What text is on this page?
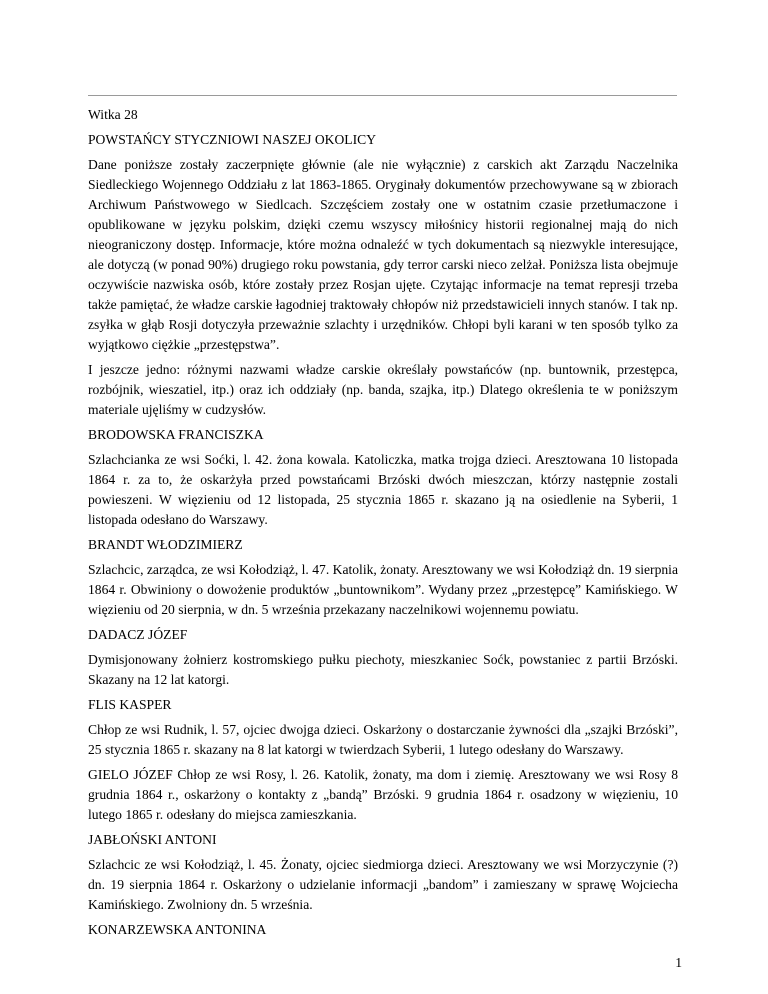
Witka 28
POWSTAŃCY STYCZNIOWI NASZEJ OKOLICY
Dane poniższe zostały zaczerpnięte głównie (ale nie wyłącznie) z carskich akt Zarządu Naczelnika Siedleckiego Wojennego Oddziału z lat 1863-1865. Oryginały dokumentów przechowywane są w zbiorach Archiwum Państwowego w Siedlcach. Szczęściem zostały one w ostatnim czasie przetłumaczone i opublikowane w języku polskim, dzięki czemu wszyscy miłośnicy historii regionalnej mają do nich nieograniczony dostęp. Informacje, które można odnaleźć w tych dokumentach są niezwykle interesujące, ale dotyczą (w ponad 90%) drugiego roku powstania, gdy terror carski nieco zelżał. Poniższa lista obejmuje oczywiście nazwiska osób, które zostały przez Rosjan ujęte. Czytając informacje na temat represji trzeba także pamiętać, że władze carskie łagodniej traktowały chłopów niż przedstawicieli innych stanów. I tak np. zsyłka w głąb Rosji dotyczyła przeważnie szlachty i urzędników. Chłopi byli karani w ten sposób tylko za wyjątkowo ciężkie „przestępstwa”.
I jeszcze jedno: różnymi nazwami władze carskie określały powstańców (np. buntownik, przestępca, rozbójnik, wieszatiel, itp.) oraz ich oddziały (np. banda, szajka, itp.) Dlatego określenia te w poniższym materiale ujęliśmy w cudzysłów.
BRODOWSKA FRANCISZKA
Szlachcianka ze wsi Soćki, l. 42. żona kowala. Katoliczka, matka trojga dzieci. Aresztowana 10 listopada 1864 r. za to, że oskarżyła przed powstańcami Brzóski dwóch mieszczan, którzy następnie zostali powieszeni. W więzieniu od 12 listopada, 25 stycznia 1865 r. skazano ją na osiedlenie na Syberii, 1 listopada odesłano do Warszawy.
BRANDT WŁODZIMIERZ
Szlachcic, zarządca, ze wsi Kołodziąż, l. 47. Katolik, żonaty. Aresztowany we wsi Kołodziąż dn. 19 sierpnia 1864 r. Obwiniony o dowożenie produktów „buntownikom”. Wydany przez „przestępcę” Kamińskiego. W więzieniu od 20 sierpnia, w dn. 5 września przekazany naczelnikowi wojennemu powiatu.
DADACZ JÓZEF
Dymisjonowany żołnierz kostromskiego pułku piechoty, mieszkaniec Soćk, powstaniec z partii Brzóski. Skazany na 12 lat katorgi.
FLIS KASPER
Chłop ze wsi Rudnik, l. 57, ojciec dwojga dzieci. Oskarżony o dostarczanie żywności dla „szajki Brzóski”, 25 stycznia 1865 r. skazany na 8 lat katorgi w twierdzach Syberii, 1 lutego odesłany do Warszawy.
GIELO JÓZEF Chłop ze wsi Rosy, l. 26. Katolik, żonaty, ma dom i ziemię. Aresztowany we wsi Rosy 8 grudnia 1864 r., oskarżony o kontakty z „bandą” Brzóski. 9 grudnia 1864 r. osadzony w więzieniu, 10 lutego 1865 r. odesłany do miejsca zamieszkania.
JABŁOŃSKI ANTONI
Szlachcic ze wsi Kołodziąż, l. 45. Żonaty, ojciec siedmiorga dzieci. Aresztowany we wsi Morzyczynie (?) dn. 19 sierpnia 1864 r. Oskarżony o udzielanie informacji „bandom” i zamieszany w sprawę Wojciecha Kamińskiego. Zwolniony dn. 5 września.
KONARZEWSKA ANTONINA
1
